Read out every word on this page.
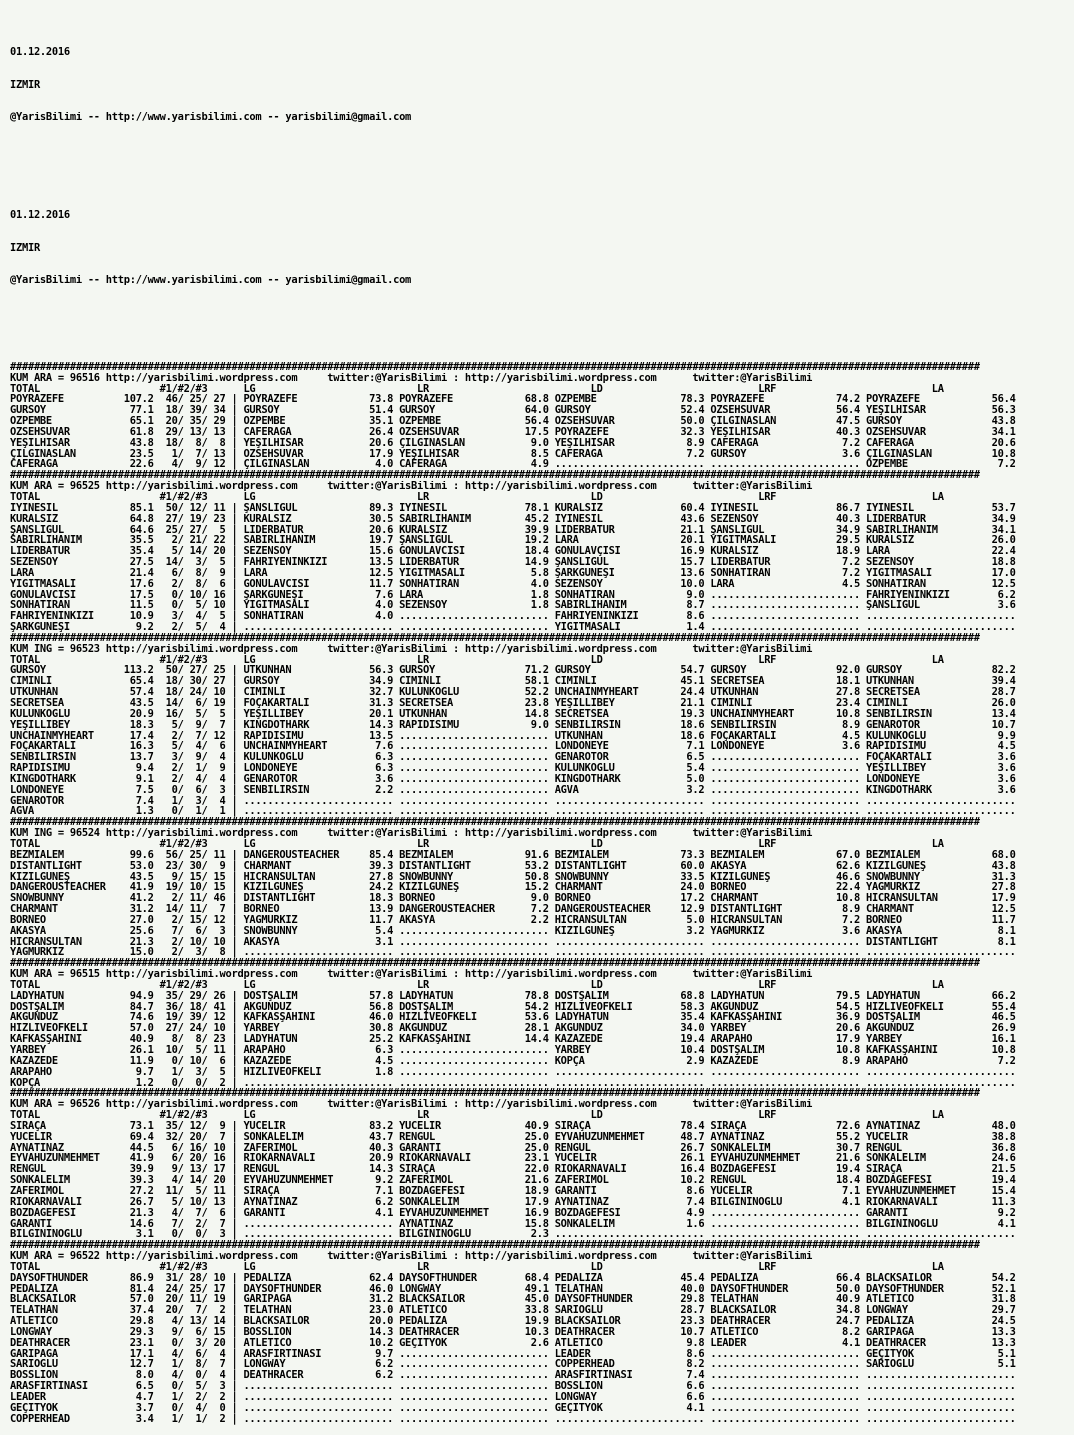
01.12.2016

IZMIR

@YarisBilimi -- http://www.yarisbilimi.com -- yarisbilimi@gmail.com

01.12.2016

IZMIR

@YarisBilimi -- http://www.yarisbilimi.com -- yarisbilimi@gmail.com

##################################################################################################################################################################
KUM ARA = 96516 http://yarisbilimi.wordpress.com     twitter:@YarisBilimi : http://yarisbilimi.wordpress.com      twitter:@YarisBilimi
TOTAL                    #1/#2/#3      LG                           LR                           LD                          LRF                          LA
POYRAZEFE          107.2  46/ 25/ 27 | POYRAZEFE            73.8 POYRAZEFE            68.8 ÖZPEMBE              78.3 POYRAZEFE            74.2 POYRAZEFE            56.4
GURSOY              77.1  18/ 39/ 34 | GURSOY               51.4 GURSOY               64.0 GURSOY               52.4 OZSEHSUVAR           56.4 YEŞİLHİSAR           56.3
ÖZPEMBE             65.1  20/ 35/ 29 | ÖZPEMBE              35.1 ÖZPEMBE              56.4 OZSEHSUVAR           50.0 ÇILGINASLAN          47.5 GURSOY               43.8
OZSEHSUVAR          61.8  29/ 13/ 13 | CAFERAGA             26.4 OZSEHSUVAR           17.5 POYRAZEFE            32.3 YEŞİLHİSAR           40.3 OZSEHSUVAR           34.1
YEŞİLHİSAR          43.8  18/  8/  8 | YEŞİLHİSAR           20.6 ÇILGINASLAN           9.0 YEŞİLHİSAR            8.9 CAFERAGA              7.2 CAFERAGA             20.6
ÇILGINASLAN         23.5   1/  7/ 13 | OZSEHSUVAR           17.9 YEŞİLHİSAR            8.5 CAFERAGA              7.2 GURSOY                3.6 ÇILGINASLAN          10.8
CAFERAGA            22.6   4/  9/ 12 | ÇILGINASLAN           4.0 CAFERAGA              4.9 ......................... ......................... ÖZPEMBE               7.2
##################################################################################################################################################################
KUM ARA = 96525 http://yarisbilimi.wordpress.com     twitter:@YarisBilimi : http://yarisbilimi.wordpress.com      twitter:@YarisBilimi
TOTAL                    #1/#2/#3      LG                           LR                           LD                          LRF                          LA
İYİNESİL            85.1  50/ 12/ 11 | ŞANSLIGÜL            89.3 İYİNESİL             78.1 KURALSIZ             60.4 İYİNESİL             86.7 İYİNESİL             53.7
KURALSIZ            64.8  27/ 19/ 23 | KURALSIZ             30.5 SABIRLIHANIM         45.2 İYİNESİL             43.6 SEZENSOY             40.3 LİDERBATUR           34.9
ŞANSLIGÜL           64.6  25/ 27/  5 | LİDERBATUR           20.6 KURALSIZ             39.9 LİDERBATUR           21.1 ŞANSLIGÜL            34.9 SABIRLIHANIM         34.1
SABIRLIHANIM        35.5   2/ 21/ 22 | SABIRLIHANIM         19.7 ŞANSLIGÜL            19.2 LARA                 20.1 YİĞİTMASALI          29.5 KURALSIZ             26.0
LİDERBATUR          35.4   5/ 14/ 20 | SEZENSOY             15.6 GONULAVCISI          18.4 GONULAVÇISI          16.9 KURALSIZ             18.9 LARA                 22.4
SEZENSOY            27.5  14/  3/  5 | FAHRİYENİNKİZI       13.5 LİDERBATUR           14.9 ŞANSLIGÜL            15.7 LİDERBATUR            7.2 SEZENSOY             18.8
LARA                21.4   6/  8/  9 | LARA                 12.5 YİĞİTMASALI           5.8 ŞARKGUNEŞİ           13.6 SONHATIRAN            7.2 YİĞİTMASALI          17.0
YİĞİTMASALI         17.6   2/  8/  6 | GONULAVCISI          11.7 SONHATIRAN            4.0 SEZENSOY             10.0 LARA                  4.5 SONHATIRAN           12.5
GONULAVCISI         17.5   0/ 10/ 16 | ŞARKGUNEŞİ            7.6 LARA                  1.8 SONHATIRAN            9.0 ......................... FAHRİYENİNKİZI        6.2
SONHATIRAN          11.5   0/  5/ 10 | YİĞİTMASALI           4.0 SEZENSOY              1.8 SABIRLIHANIM          8.7 ......................... ŞANSLIGÜL             3.6
FAHRİYENİNKİZI      10.9   3/  4/  5 | SONHATIRAN            4.0 ......................... FAHRİYENİNKİZI        8.6 ......................... .........................
ŞARKGUNEŞİ           9.2   2/  5/  4 | ......................... ......................... YİĞİTMASALI           1.4 ......................... .........................
##################################################################################################################################################################
KUM ING = 96523 http://yarisbilimi.wordpress.com     twitter:@YarisBilimi : http://yarisbilimi.wordpress.com      twitter:@YarisBilimi
TOTAL                    #1/#2/#3      LG                           LR                           LD                          LRF                          LA
GURSOY             113.2  50/ 27/ 25 | UTKUNHAN             56.3 GURSOY               71.2 GURSOY               54.7 GURSOY               92.0 GURSOY               82.2
CİMİNLİ             65.4  18/ 30/ 27 | GURSOY               34.9 CİMİNLİ              58.1 CİMİNLİ              45.1 SECRETSEA            18.1 UTKUNHAN             39.4
UTKUNHAN            57.4  18/ 24/ 10 | CİMİNLİ              32.7 KULUNKOĞLU           52.2 UNCHAINMYHEART       24.4 UTKUNHAN             27.8 SECRETSEA            28.7
SECRETSEA           43.5  14/  6/ 19 | FOÇAKARTALI          31.3 SECRETSEA            23.8 YEŞİLLİBEY           21.1 CİMİNLİ              23.4 CİMİNLİ              26.0
KULUNKOĞLU          20.9  16/  5/  5 | YEŞİLLİBEY           20.1 UTKUNHAN             14.8 SECRETSEA            19.3 UNCHAINMYHEART       10.8 SENBİLİRSİN          13.4
YEŞİLLİBEY          18.3   5/  9/  7 | KINGDOTHARK          14.3 RAPİDİSİMU            9.0 SENBİLİRSİN          18.6 SENBİLİRSİN           8.9 GENAROTOR            10.7
UNCHAINMYHEART      17.4   2/  7/ 12 | RAPİDİSİMU           13.5 ......................... UTKUNHAN             18.6 FOÇAKARTALI           4.5 KULUNKOĞLU            9.9
FOÇAKARTALI         16.3   5/  4/  6 | UNCHAINMYHEART        7.6 ......................... LONDONEYE             7.1 LONDONEYE             3.6 RAPİDİSİMU            4.5
SENBİLİRSİN         13.7   3/  9/  4 | KULUNKOĞLU            6.3 ......................... GENAROTOR             6.5 ......................... FOÇAKARTALI           3.6
RAPİDİSİMU           9.4   2/  1/  9 | LONDONEYE             6.3 ......................... KULUNKOĞLU            5.4 ......................... YEŞİLLİBEY            3.6
KINGDOTHARK          9.1   2/  4/  4 | GENAROTOR             3.6 ......................... KINGDOTHARK           5.0 ......................... LONDONEYE             3.6
LONDONEYE            7.5   0/  6/  3 | SENBİLİRSİN           2.2 ......................... AGVA                  3.2 ......................... KINGDOTHARK           3.6
GENAROTOR            7.4   1/  3/  4 | ......................... ......................... ......................... ......................... .........................
AGVA                 1.3   0/  1/  1 | ......................... ......................... ......................... ......................... .........................
##################################################################################################################################################################
KUM ING = 96524 http://yarisbilimi.wordpress.com     twitter:@YarisBilimi : http://yarisbilimi.wordpress.com      twitter:@YarisBilimi
TOTAL                    #1/#2/#3      LG                           LR                           LD                          LRF                          LA
BEZMİALEM           99.6  56/ 25/ 11 | DANGEROUSTEACHER     85.4 BEZMİALEM            91.6 BEZMİALEM            73.3 BEZMİALEM            67.0 BEZMİALEM            68.0
DISTANTLIGHT        53.0  23/ 30/  9 | CHARMANT             39.3 DISTANTLIGHT         53.2 DISTANTLIGHT         60.0 AKASYA               62.6 KIZILGUNEŞ           43.8
KIZILGUNEŞ          43.5   9/ 15/ 15 | HICRANSULTAN         27.8 SNOWBUNNY            50.8 SNOWBUNNY            33.5 KIZILGUNEŞ           46.6 SNOWBUNNY            31.3
DANGEROUSTEACHER    41.9  19/ 10/ 15 | KIZILGUNEŞ           24.2 KIZILGUNEŞ           15.2 CHARMANT             24.0 BORNEO               22.4 YAGMURKIZ            27.8
SNOWBUNNY           41.2   2/ 11/ 46 | DISTANTLIGHT         18.3 BORNEO                9.0 BORNEO               17.2 CHARMANT             10.8 HICRANSULTAN         17.9
CHARMANT            31.2  14/ 11/  7 | BORNEO               13.9 DANGEROUSTEACHER      7.2 DANGEROUSTEACHER     12.9 DISTANTLIGHT          8.9 CHARMANT             12.5
BORNEO              27.0   2/ 15/ 12 | YAGMURKIZ            11.7 AKASYA                2.2 HICRANSULTAN          5.0 HICRANSULTAN          7.2 BORNEO               11.7
AKASYA              25.6   7/  6/  3 | SNOWBUNNY             5.4 ......................... KIZILGUNEŞ            3.2 YAGMURKIZ             3.6 AKASYA                8.1
HICRANSULTAN        21.3   2/ 10/ 10 | AKASYA                3.1 ......................... ......................... ......................... DISTANTLIGHT          8.1
YAGMURKIZ           15.0   2/  3/  8 | ......................... ......................... ......................... ......................... .........................
##################################################################################################################################################################
KUM ARA = 96515 http://yarisbilimi.wordpress.com     twitter:@YarisBilimi : http://yarisbilimi.wordpress.com      twitter:@YarisBilimi
TOTAL                    #1/#2/#3      LG                           LR                           LD                          LRF                          LA
LADYHATUN           94.9  35/ 29/ 26 | DOSTŞALİM            57.8 LADYHATUN            78.8 DOSTŞALİM            68.8 LADYHATUN            79.5 LADYHATUN            66.2
DOSTŞALİM           84.7  36/ 18/ 41 | AKGUNDUZ             56.8 DOSTŞALİM            54.2 HIZLIVEÖFKELİ        58.3 AKGUNDUZ             54.5 HIZLIVEÖFKELİ        55.4
AKGUNDUZ            74.6  19/ 39/ 12 | KAFKASŞAHİNİ         46.0 HIZLIVEÖFKELİ        53.6 LADYHATUN            35.4 KAFKASŞAHİNİ         36.9 DOSTŞALİM            46.5
HIZLIVEÖFKELİ       57.0  27/ 24/ 10 | YARBEY               30.8 AKGUNDUZ             28.1 AKGUNDUZ             34.0 YARBEY               20.6 AKGUNDUZ             26.9
KAFKASŞAHİNİ        40.9   8/  8/ 23 | LADYHATUN            25.2 KAFKASŞAHİNİ         14.4 KAZAZEDE             19.4 ARAPAHO              17.9 YARBEY               16.1
YARBEY              26.1  10/  5/ 11 | ARAPAHO               6.3 ......................... YARBEY               10.4 DOSTŞALİM            10.8 KAFKASŞAHİNİ         10.8
KAZAZEDE            11.9   0/ 10/  6 | KAZAZEDE              4.5 ......................... KOPÇA                 2.9 KAZAZEDE              8.9 ARAPAHO               7.2
ARAPAHO              9.7   1/  3/  5 | HIZLIVEÖFKELİ         1.8 ......................... ......................... ......................... .........................
KOPÇA                1.2   0/  0/  2 | ......................... ......................... ......................... ......................... .........................
##################################################################################################################################################################
KUM ARA = 96526 http://yarisbilimi.wordpress.com     twitter:@YarisBilimi : http://yarisbilimi.wordpress.com      twitter:@YarisBilimi
TOTAL                    #1/#2/#3      LG                           LR                           LD                          LRF                          LA
SIRAÇA              73.1  35/ 12/  9 | YUCELİR              83.2 YUCELİR              40.9 SIRAÇA               78.4 SIRAÇA               72.6 AYNATINAZ            48.0
YUCELİR             69.4  32/ 20/  7 | SONKALELİM           43.7 RENGUL               25.0 EYVAHUZUNMEHMET      48.7 AYNATINAZ            55.2 YUCELİR              38.8
AYNATINAZ           44.5   6/ 16/ 10 | ZAFERİMOL            40.3 GARANTİ              25.0 RENGUL               26.7 SONKALELİM           30.7 RENGUL               36.8
EYVAHUZUNMEHMET     41.9   6/ 20/ 16 | RİOKARNAVALI         20.9 RİOKARNAVALI         23.1 YUCELİR              26.1 EYVAHUZUNMEHMET      21.6 SONKALELİM           24.6
RENGUL              39.9   9/ 13/ 17 | RENGUL               14.3 SIRAÇA               22.0 RİOKARNAVALI         16.4 BOZDAĞEFESİ          19.4 SIRAÇA               21.5
SONKALELİM          39.3   4/ 14/ 20 | EYVAHUZUNMEHMET       9.2 ZAFERİMOL            21.6 ZAFERİMOL            10.2 RENGUL               18.4 BOZDAĞEFESİ          19.4
ZAFERİMOL           27.2  11/  5/ 11 | SIRAÇA                7.1 BOZDAĞEFESİ          18.9 GARANTİ               8.6 YUCELİR               7.1 EYVAHUZUNMEHMET      15.4
RİOKARNAVALI        26.7   5/ 10/ 13 | AYNATINAZ             6.2 SONKALELİM           17.9 AYNATINAZ             7.4 BILGININOĞLU          4.1 RİOKARNAVALI         11.3
BOZDAĞEFESİ         21.3   4/  7/  6 | GARANTİ               4.1 EYVAHUZUNMEHMET      16.9 BOZDAĞEFESİ           4.9 ......................... GARANTİ               9.2
GARANTİ             14.6   7/  2/  7 | ......................... AYNATINAZ            15.8 SONKALELİM            1.6 ......................... BILGININOĞLU          4.1
BILGININOĞLU         3.1   0/  0/  3 | ......................... BILGININOĞLU          2.3 ......................... ......................... .........................
##################################################################################################################################################################
KUM ARA = 96522 http://yarisbilimi.wordpress.com     twitter:@YarisBilimi : http://yarisbilimi.wordpress.com      twitter:@YarisBilimi
TOTAL                    #1/#2/#3      LG                           LR                           LD                          LRF                          LA
DAYSOFTHUNDER       86.9  31/ 28/ 10 | PEDALIZA             62.4 DAYSOFTHUNDER        68.4 PEDALIZA             45.4 PEDALIZA             66.4 BLACKSAILOR          54.2
PEDALIZA            81.4  24/ 25/ 17 | DAYSOFTHUNDER        46.0 LONGWAY              49.1 TELATHAN             40.0 DAYSOFTHUNDER        50.0 DAYSOFTHUNDER        52.1
BLACKSAILOR         57.0  20/ 11/ 19 | GARİPAĞA             31.2 BLACKSAILOR          45.0 DAYSOFTHUNDER        29.8 TELATHAN             40.9 ATLETICO             31.8
TELATHAN            37.4  20/  7/  2 | TELATHAN             23.0 ATLETICO             33.8 SARIOGLU             28.7 BLACKSAILOR          34.8 LONGWAY              29.7
ATLETICO            29.8   4/ 13/ 14 | BLACKSAILOR          20.0 PEDALIZA             19.9 BLACKSAILOR          23.3 DEATHRACER           24.7 PEDALIZA             24.5
LONGWAY             29.3   9/  6/ 15 | BOSSLION             14.3 DEATHRACER           10.3 DEATHRACER           10.7 ATLETICO              8.2 GARİPAĞA             13.3
DEATHRACER          23.1   0/  3/ 20 | ATLETICO             10.2 GEÇİTYOK              2.6 ATLETICO              9.8 LEADER                4.1 DEATHRACER           13.3
GARİPAĞA            17.1   4/  6/  4 | ARASFIRTINASI         9.7 ......................... LEADER                8.6 ......................... GEÇİTYOK              5.1
SARIOGLU            12.7   1/  8/  7 | LONGWAY               6.2 ......................... COPPERHEAD            8.2 ......................... SARIOGLU              5.1
BOSSLION             8.0   4/  0/  4 | DEATHRACER            6.2 ......................... ARASFIRTINASI         7.4 ......................... .........................
ARASFIRTINASI        6.5   0/  5/  3 | ......................... ......................... BOSSLION              6.6 ......................... .........................
LEADER               4.7   1/  2/  2 | ......................... ......................... LONGWAY               6.6 ......................... .........................
GEÇİTYOK             3.7   0/  4/  0 | ......................... ......................... GEÇİTYOK              4.1 ......................... .........................
COPPERHEAD           3.4   1/  1/  2 | ......................... ......................... ......................... ......................... .........................
